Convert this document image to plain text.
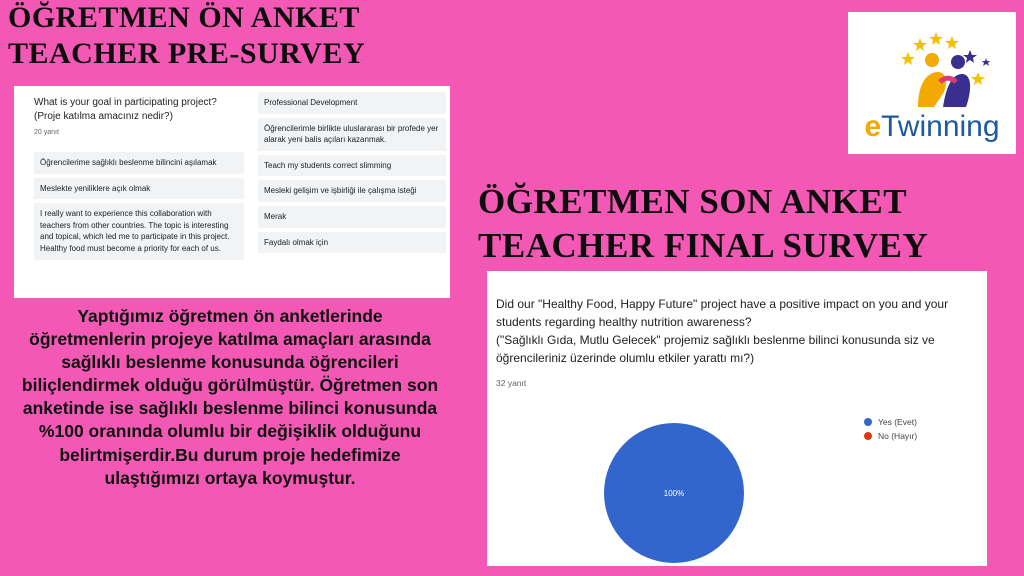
ÖĞRETMEN ÖN ANKET
TEACHER PRE-SURVEY
What is your goal in participating project?
(Proje katılma amacınız nedir?)
20 yanıt
Öğrencilerime sağlıklı beslenme bilincini aşılamak
Meslekte yeniliklere açık olmak
I really want to experience this collaboration with teachers from other countries. The topic is interesting and topical, which led me to participate in this project. Healthy food must become a priority for each of us.
Professional Development
Öğrencilerimle birlikte uluslararası bir profede yer alarak yeni balis açıları kazanmak.
Teach my students correct slimming
Mesleki gelişim ve işbirliği ile çalışma isteği
Merak
Faydalı olmak için

Yaptığımız öğretmen ön anketlerinde öğretmenlerin projeye katılma amaçları arasında sağlıklı beslenme konusunda öğrencileri biliçlendirmek olduğu görülmüştür. Öğretmen son anketinde ise sağlıklı beslenme bilinci konusunda %100 oranında olumlu bir değişiklik olduğunu belirtmişerdir.Bu durum proje hedefimize ulaştığımızı ortaya koymuştur.

eTwinning
ÖĞRETMEN SON ANKET
TEACHER FINAL SURVEY
Did our "Healthy Food, Happy Future" project have a positive impact on you and your students regarding healthy nutrition awareness?
("Sağlıklı Gıda, Mutlu Gelecek" projemiz sağlıklı beslenme bilinci konusunda siz ve öğrencileriniz üzerinde olumlu etkiler yarattı mı?)
32 yanıt
100%
Yes (Evet)
No (Hayır)
